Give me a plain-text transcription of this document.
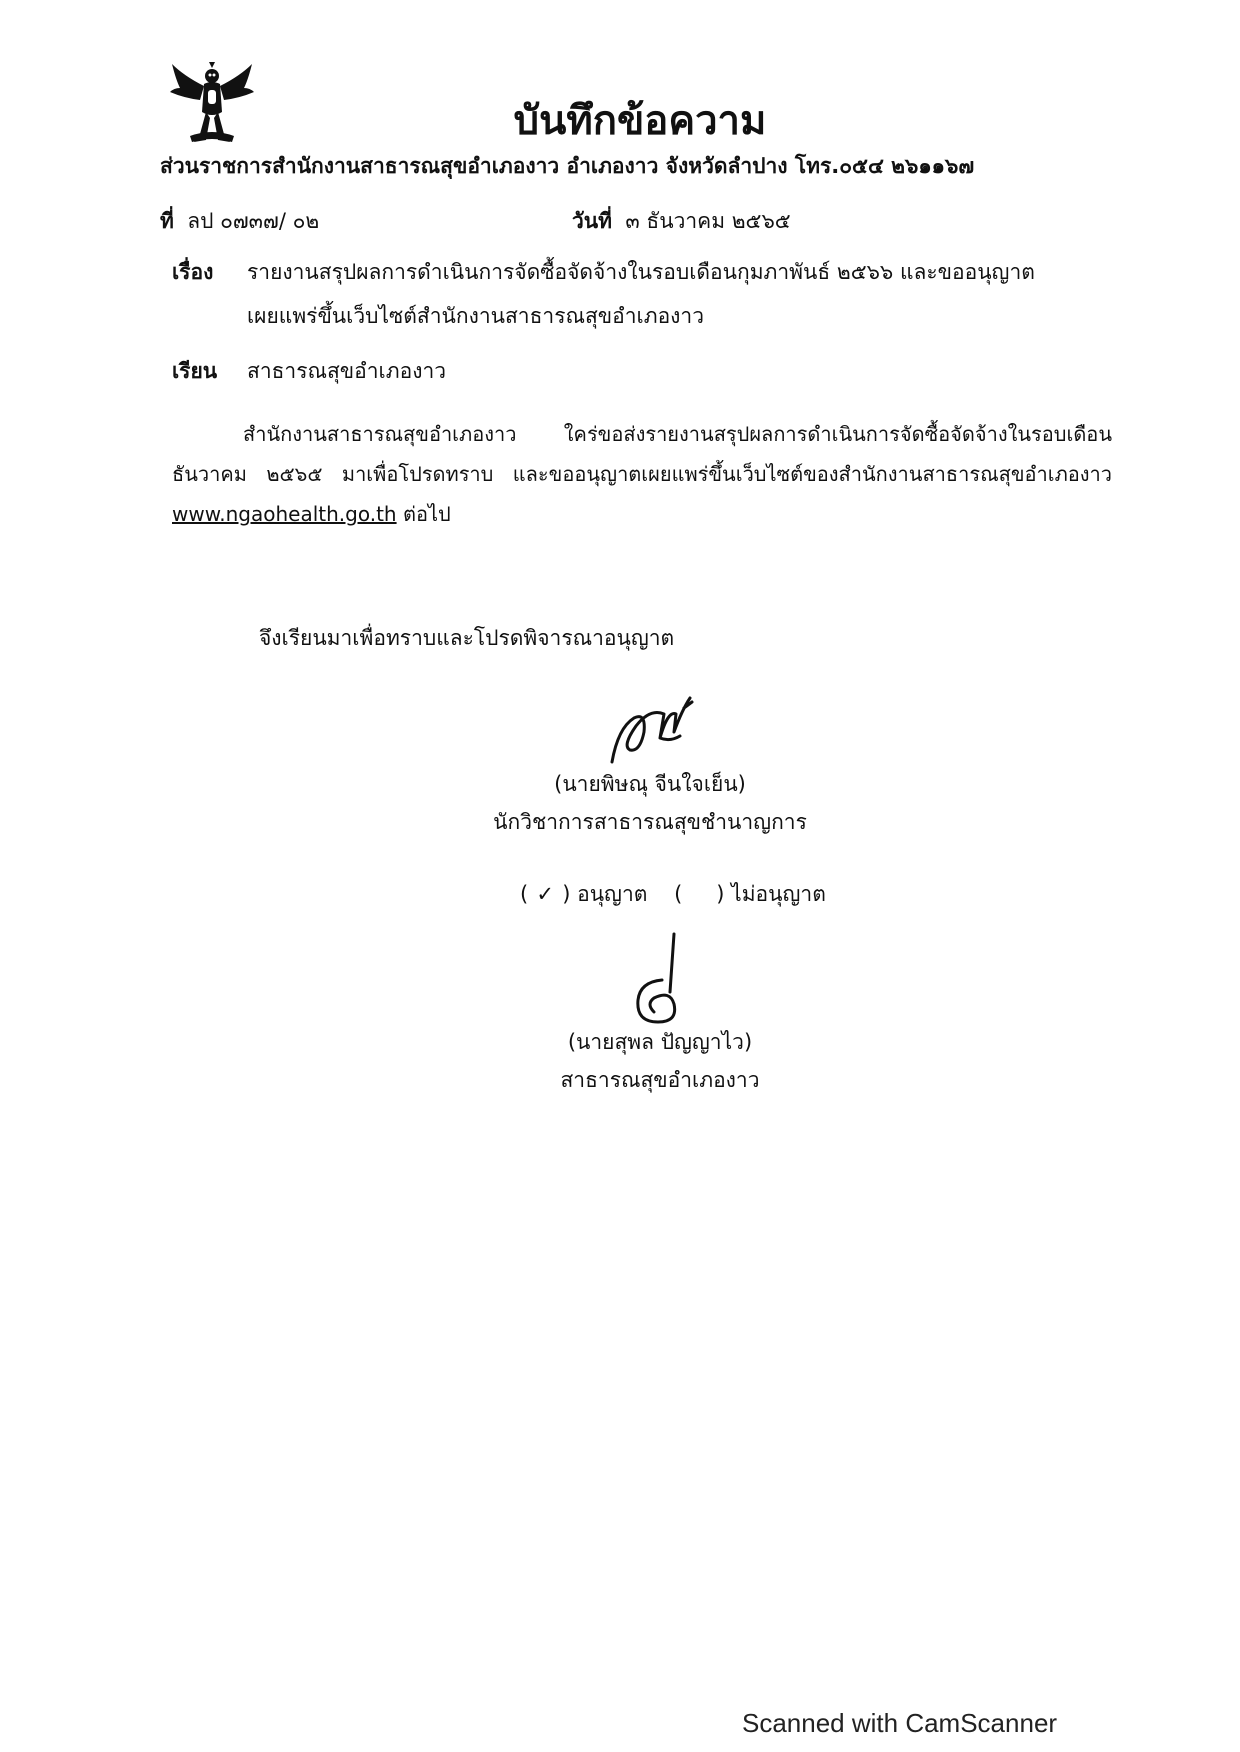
บันทึกข้อความ
ส่วนราชการสำนักงานสาธารณสุขอำเภองาว อำเภองาว จังหวัดลำปาง โทร.๐๕๔ ๒๖๑๑๖๗
ที่ ลป ๐๗๓๗/ ๐๒	วันที่ ๓ ธันวาคม ๒๕๖๕
เรื่อง รายงานสรุปผลการดำเนินการจัดซื้อจัดจ้างในรอบเดือนกุมภาพันธ์ ๒๕๖๖ และขออนุญาต
เผยแพร่ขึ้นเว็บไซต์สำนักงานสาธารณสุขอำเภองาว
เรียน สาธารณสุขอำเภองาว
สำนักงานสาธารณสุขอำเภองาว ใคร่ขอส่งรายงานสรุปผลการดำเนินการจัดซื้อจัดจ้างในรอบเดือน ธันวาคม ๒๕๖๕ มาเพื่อโปรดทราบ และขออนุญาตเผยแพร่ขึ้นเว็บไซต์ของสำนักงานสาธารณสุขอำเภองาว www.ngaohealth.go.th ต่อไป
จึงเรียนมาเพื่อทราบและโปรดพิจารณาอนุญาต
(นายพิษณุ จีนใจเย็น)
นักวิชาการสาธารณสุขชำนาญการ
( ✓ ) อนุญาต    ( ) ไม่อนุญาต
(นายสุพล ปัญญาไว)
สาธารณสุขอำเภองาว
Scanned with CamScanner
